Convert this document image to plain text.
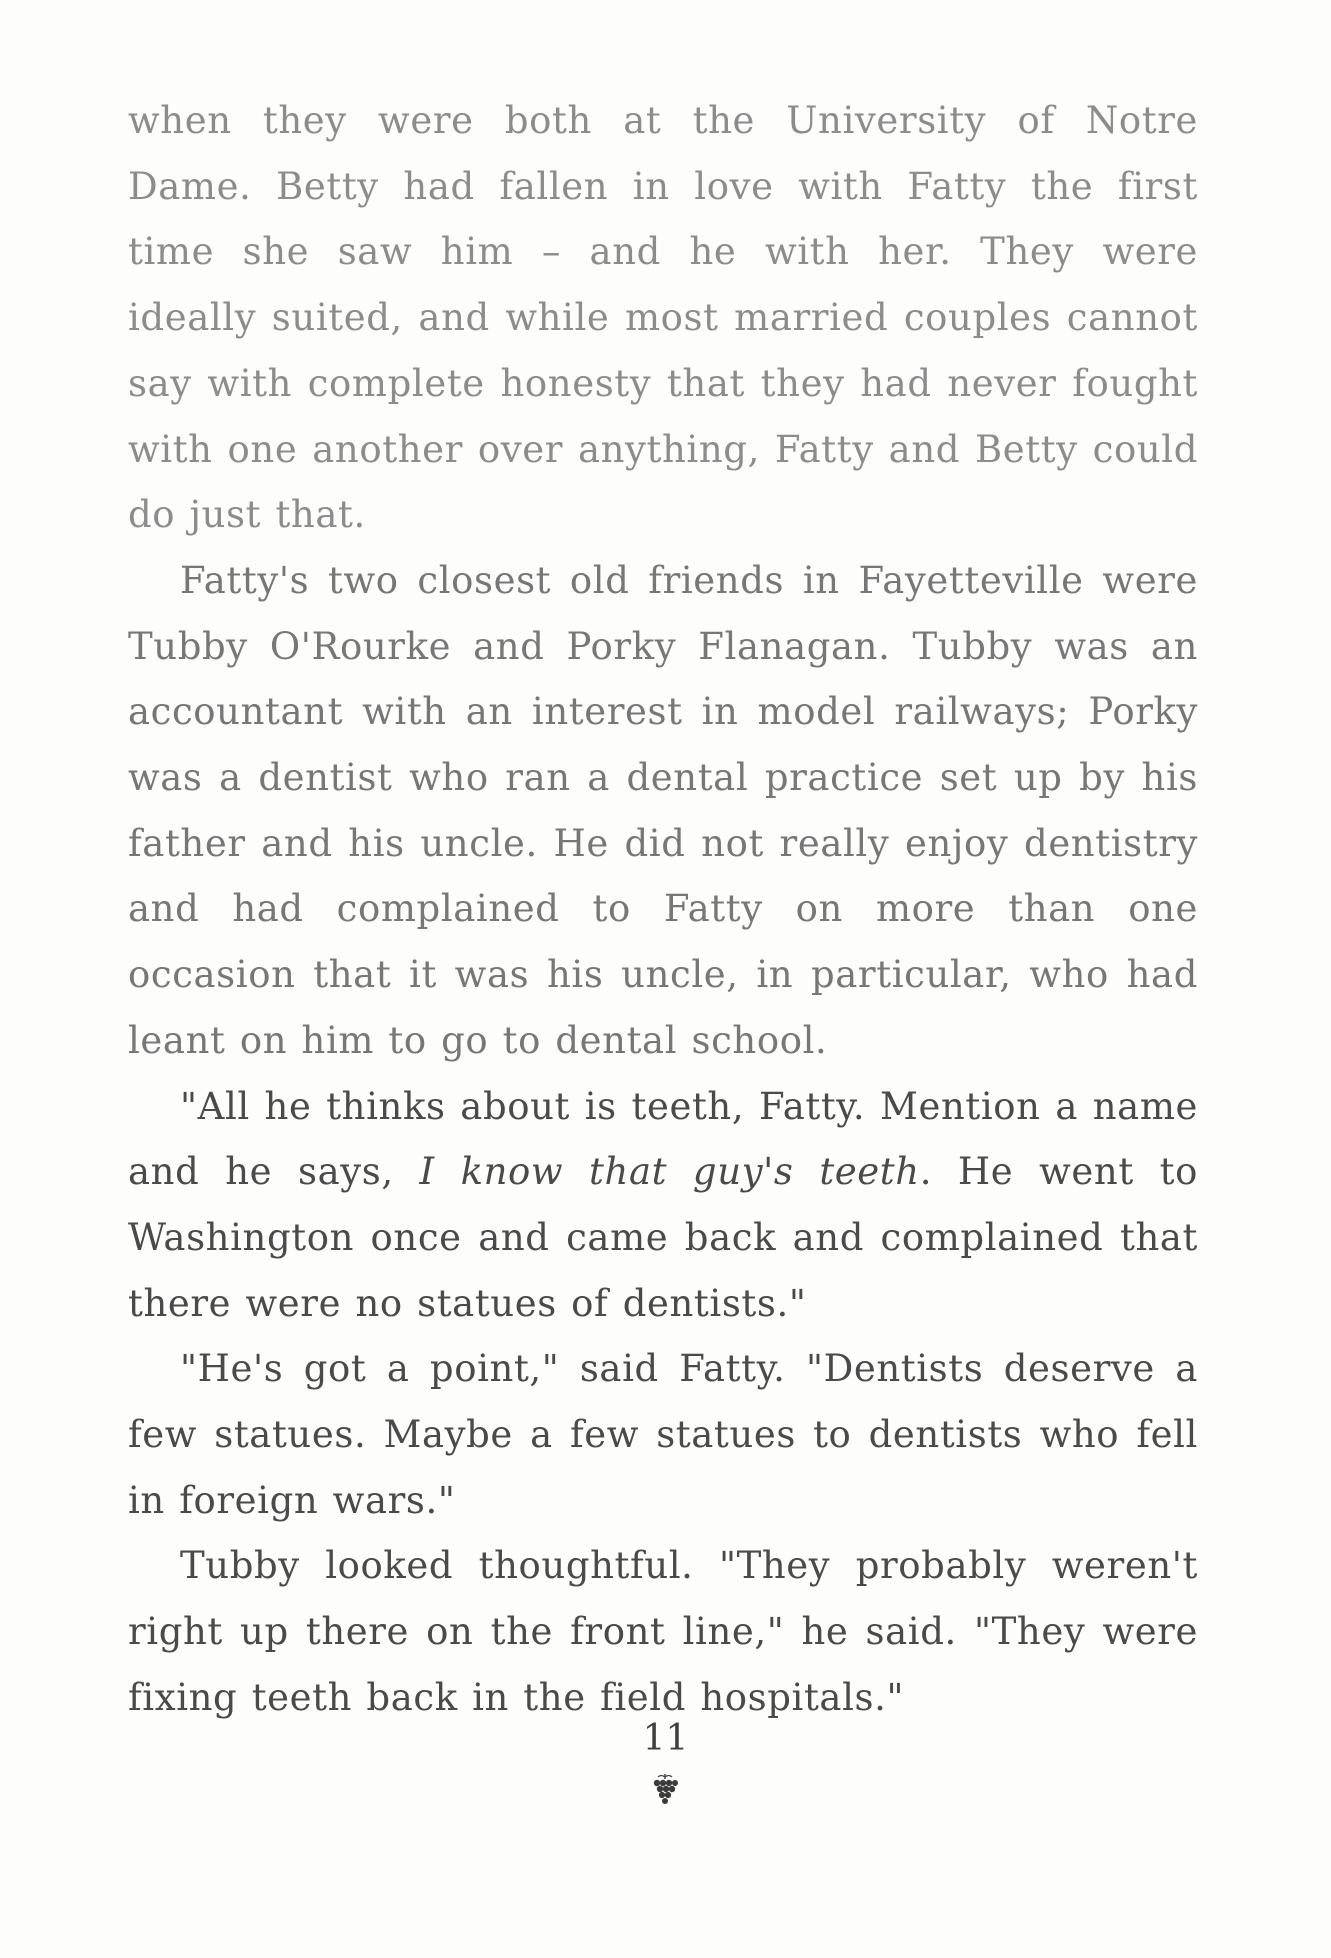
when they were both at the University of Notre Dame. Betty had fallen in love with Fatty the first time she saw him – and he with her. They were ideally suited, and while most married couples cannot say with complete honesty that they had never fought with one another over anything, Fatty and Betty could do just that.

Fatty's two closest old friends in Fayetteville were Tubby O'Rourke and Porky Flanagan. Tubby was an accountant with an interest in model railways; Porky was a dentist who ran a dental practice set up by his father and his uncle. He did not really enjoy dentistry and had complained to Fatty on more than one occasion that it was his uncle, in particular, who had leant on him to go to dental school.

"All he thinks about is teeth, Fatty. Mention a name and he says, I know that guy's teeth. He went to Washington once and came back and complained that there were no statues of dentists."

"He's got a point," said Fatty. "Dentists deserve a few statues. Maybe a few statues to dentists who fell in foreign wars."

Tubby looked thoughtful. "They probably weren't right up there on the front line," he said. "They were fixing teeth back in the field hospitals."

11
